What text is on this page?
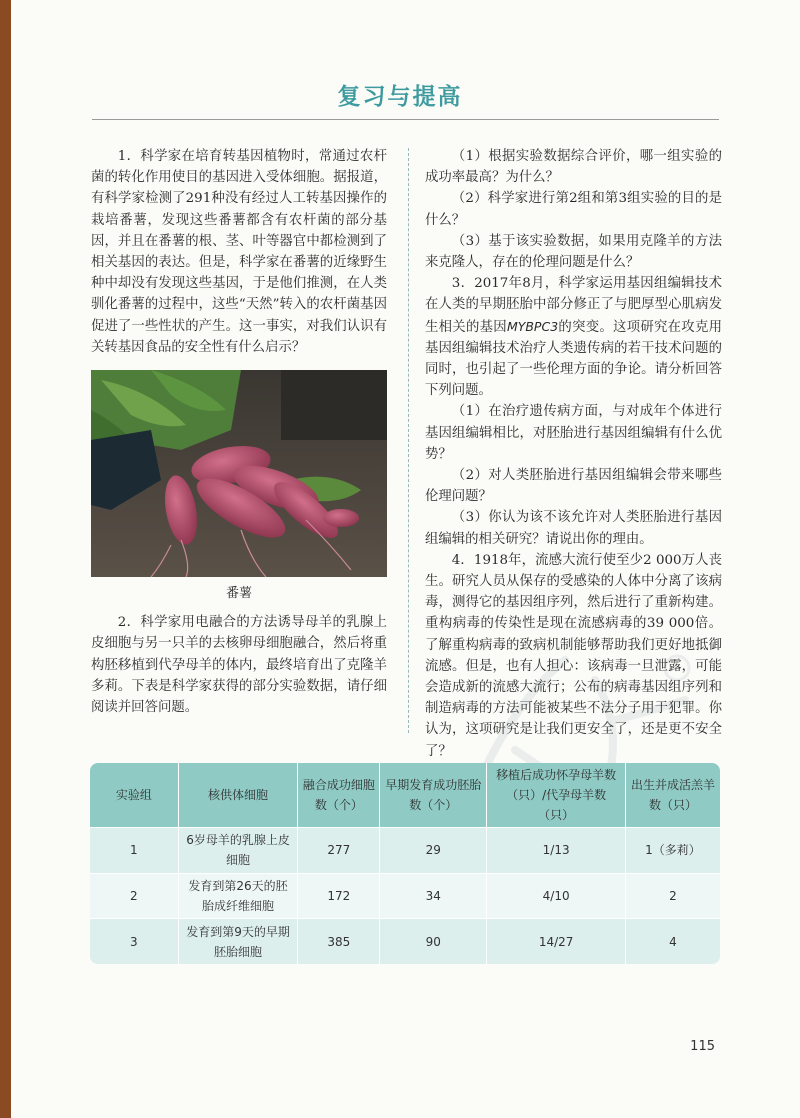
复习与提高

1．科学家在培育转基因植物时，常通过农杆菌的转化作用使目的基因进入受体细胞。据报道，有科学家检测了291种没有经过人工转基因操作的栽培番薯，发现这些番薯都含有农杆菌的部分基因，并且在番薯的根、茎、叶等器官中都检测到了相关基因的表达。但是，科学家在番薯的近缘野生种中却没有发现这些基因，于是他们推测，在人类驯化番薯的过程中，这些“天然”转入的农杆菌基因促进了一些性状的产生。这一事实，对我们认识有关转基因食品的安全性有什么启示？

番薯

2．科学家用电融合的方法诱导母羊的乳腺上皮细胞与另一只羊的去核卵母细胞融合，然后将重构胚移植到代孕母羊的体内，最终培育出了克隆羊多莉。下表是科学家获得的部分实验数据，请仔细阅读并回答问题。

（1）根据实验数据综合评价，哪一组实验的成功率最高？为什么？

（2）科学家进行第2组和第3组实验的目的是什么？

（3）基于该实验数据，如果用克隆羊的方法来克隆人，存在的伦理问题是什么？

3．2017年8月，科学家运用基因组编辑技术在人类的早期胚胎中部分修正了与肥厚型心肌病发生相关的基因MYBPC3的突变。这项研究在攻克用基因组编辑技术治疗人类遗传病的若干技术问题的同时，也引起了一些伦理方面的争论。请分析回答下列问题。

（1）在治疗遗传病方面，与对成年个体进行基因组编辑相比，对胚胎进行基因组编辑有什么优势？

（2）对人类胚胎进行基因组编辑会带来哪些伦理问题？

（3）你认为该不该允许对人类胚胎进行基因组编辑的相关研究？请说出你的理由。

4．1918年，流感大流行使至少2 000万人丧生。研究人员从保存的受感染的人体中分离了该病毒，测得它的基因组序列，然后进行了重新构建。重构病毒的传染性是现在流感病毒的39 000倍。了解重构病毒的致病机制能够帮助我们更好地抵御流感。但是，也有人担心：该病毒一旦泄露，可能会造成新的流感大流行；公布的病毒基因组序列和制造病毒的方法可能被某些不法分子用于犯罪。你认为，这项研究是让我们更安全了，还是更不安全了？

实验组	核供体细胞	融合成功细胞数（个）	早期发育成功胚胎数（个）	移植后成功怀孕母羊数（只）/代孕母羊数（只）	出生并成活羔羊数（只）
1	6岁母羊的乳腺上皮细胞	277	29	1/13	1（多莉）
2	发育到第26天的胚胎成纤维细胞	172	34	4/10	2
3	发育到第9天的早期胚胎细胞	385	90	14/27	4
115
